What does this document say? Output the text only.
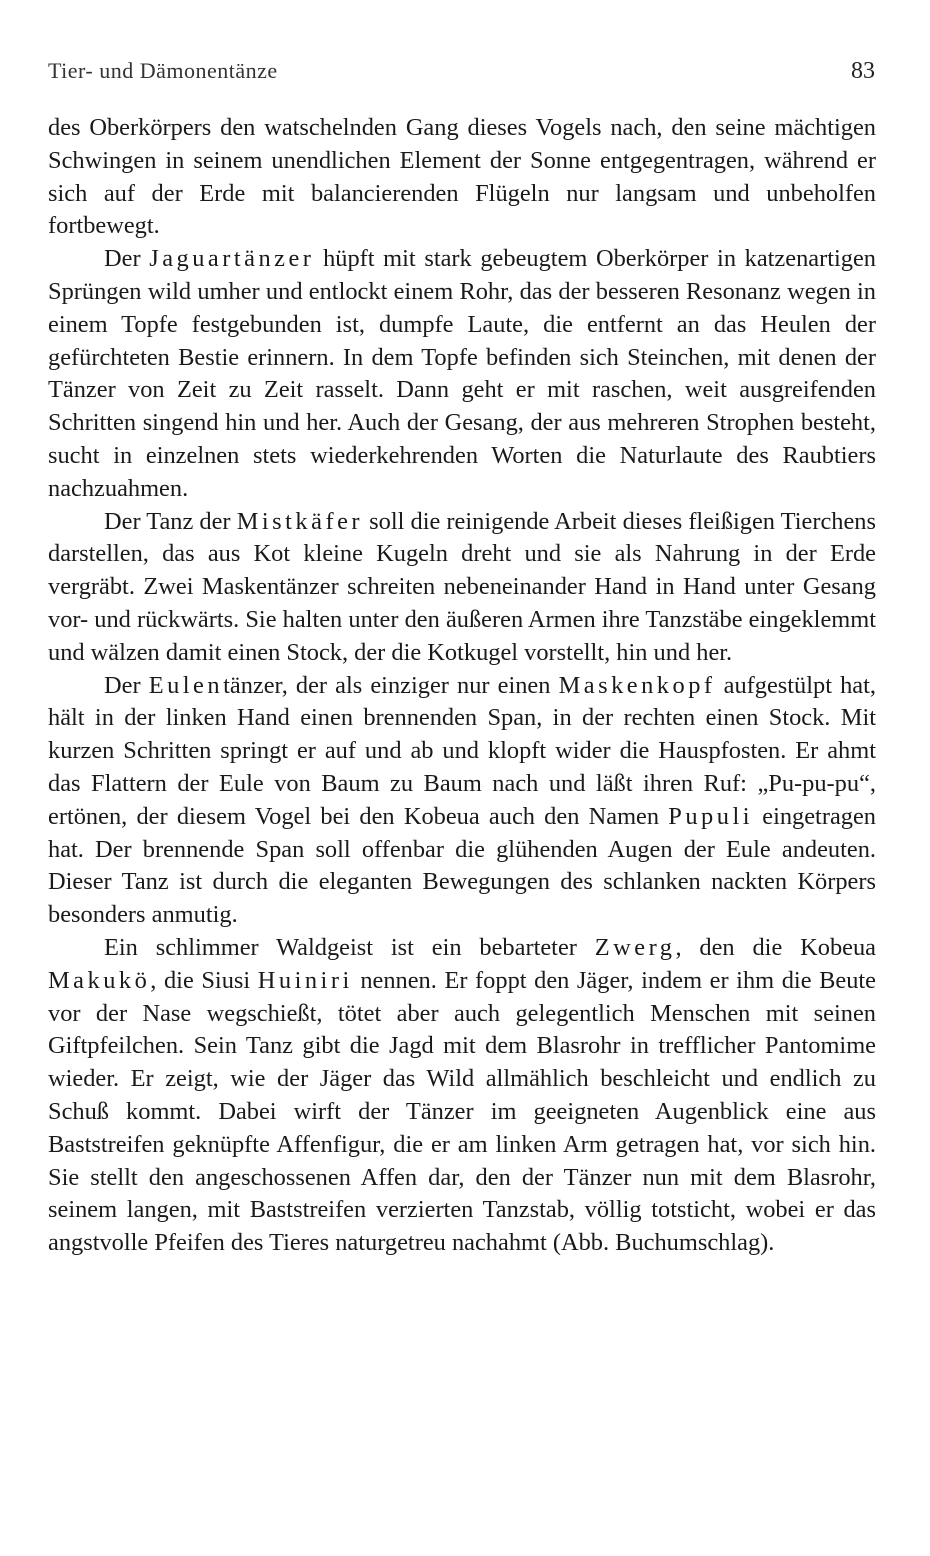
Tier- und Dämonentänze	83

des Oberkörpers den watschelnden Gang dieses Vogels nach, den seine mächtigen Schwingen in seinem unendlichen Element der Sonne entgegentragen, während er sich auf der Erde mit balancierenden Flügeln nur langsam und unbeholfen fortbewegt.

Der Jaguartänzer hüpft mit stark gebeugtem Oberkörper in katzenartigen Sprüngen wild umher und entlockt einem Rohr, das der besseren Resonanz wegen in einem Topfe festgebunden ist, dumpfe Laute, die entfernt an das Heulen der gefürchteten Bestie erinnern. In dem Topfe befinden sich Steinchen, mit denen der Tänzer von Zeit zu Zeit rasselt. Dann geht er mit raschen, weit ausgreifenden Schritten singend hin und her. Auch der Gesang, der aus mehreren Strophen besteht, sucht in einzelnen stets wiederkehrenden Worten die Naturlaute des Raubtiers nachzuahmen.

Der Tanz der Mistkäfer soll die reinigende Arbeit dieses fleißigen Tierchens darstellen, das aus Kot kleine Kugeln dreht und sie als Nahrung in der Erde vergräbt. Zwei Maskentänzer schreiten nebeneinander Hand in Hand unter Gesang vor- und rückwärts. Sie halten unter den äußeren Armen ihre Tanzstäbe eingeklemmt und wälzen damit einen Stock, der die Kotkugel vorstellt, hin und her.

Der Eulentänzer, der als einziger nur einen Maskenkopf aufgestülpt hat, hält in der linken Hand einen brennenden Span, in der rechten einen Stock. Mit kurzen Schritten springt er auf und ab und klopft wider die Hauspfosten. Er ahmt das Flattern der Eule von Baum zu Baum nach und läßt ihren Ruf: „Pu-pu-pu“, ertönen, der diesem Vogel bei den Kobeua auch den Namen Pupuli eingetragen hat. Der brennende Span soll offenbar die glühenden Augen der Eule andeuten. Dieser Tanz ist durch die eleganten Bewegungen des schlanken nackten Körpers besonders anmutig.

Ein schlimmer Waldgeist ist ein bebarteter Zwerg, den die Kobeua Makukö, die Siusi Huiniri nennen. Er foppt den Jäger, indem er ihm die Beute vor der Nase wegschießt, tötet aber auch gelegentlich Menschen mit seinen Giftpfeilchen. Sein Tanz gibt die Jagd mit dem Blasrohr in trefflicher Pantomime wieder. Er zeigt, wie der Jäger das Wild allmählich beschleicht und endlich zu Schuß kommt. Dabei wirft der Tänzer im geeigneten Augenblick eine aus Baststreifen geknüpfte Affenfigur, die er am linken Arm getragen hat, vor sich hin. Sie stellt den angeschossenen Affen dar, den der Tänzer nun mit dem Blasrohr, seinem langen, mit Baststreifen verzierten Tanzstab, völlig totsticht, wobei er das angstvolle Pfeifen des Tieres naturgetreu nachahmt (Abb. Buchumschlag).
